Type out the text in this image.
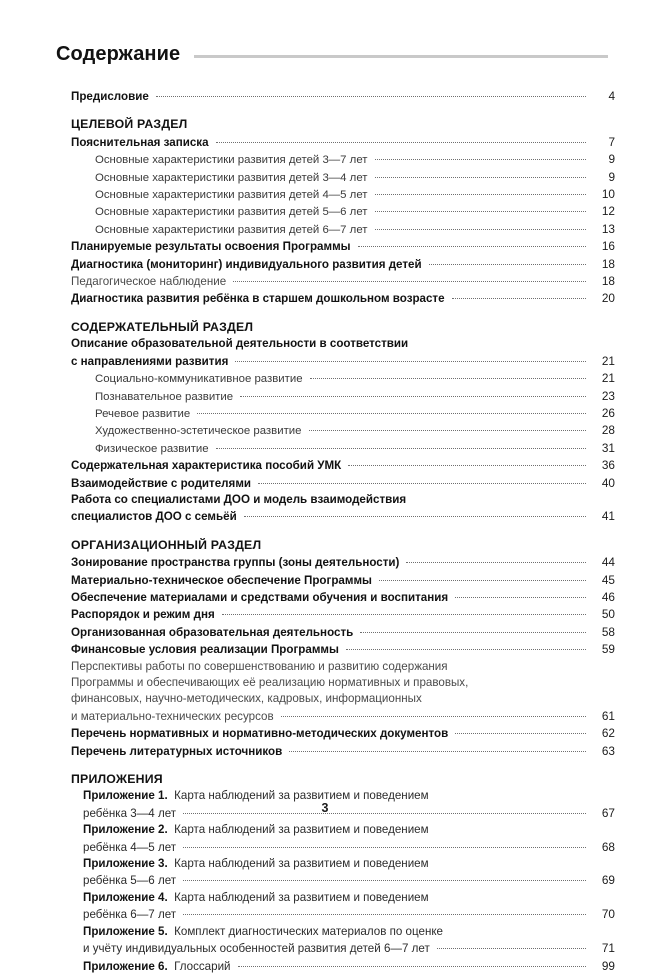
Содержание
Предисловие	4
ЦЕЛЕВОЙ РАЗДЕЛ
Пояснительная записка	7
Основные характеристики развития детей 3—7 лет	9
Основные характеристики развития детей 3—4 лет	9
Основные характеристики развития детей 4—5 лет	10
Основные характеристики развития детей 5—6 лет	12
Основные характеристики развития детей 6—7 лет	13
Планируемые результаты освоения Программы	16
Диагностика (мониторинг) индивидуального развития детей	18
Педагогическое наблюдение	18
Диагностика развития ребёнка в старшем дошкольном возрасте	20
СОДЕРЖАТЕЛЬНЫЙ РАЗДЕЛ
Описание образовательной деятельности в соответствии
с направлениями развития	21
Социально-коммуникативное развитие	21
Познавательное развитие	23
Речевое развитие	26
Художественно-эстетическое развитие	28
Физическое развитие	31
Содержательная характеристика пособий УМК	36
Взаимодействие с родителями	40
Работа со специалистами ДОО и модель взаимодействия
специалистов ДОО с семьёй	41
ОРГАНИЗАЦИОННЫЙ РАЗДЕЛ
Зонирование пространства группы (зоны деятельности)	44
Материально-техническое обеспечение Программы	45
Обеспечение материалами и средствами обучения и воспитания	46
Распорядок и режим дня	50
Организованная образовательная деятельность	58
Финансовые условия реализации Программы	59
Перспективы работы по совершенствованию и развитию содержания
Программы и обеспечивающих её реализацию нормативных и правовых,
финансовых, научно-методических, кадровых, информационных
и материально-технических ресурсов	61
Перечень нормативных и нормативно-методических документов	62
Перечень литературных источников	63
ПРИЛОЖЕНИЯ
Приложение 1.  Карта наблюдений за развитием и поведением
ребёнка 3—4 лет	67
Приложение 2.  Карта наблюдений за развитием и поведением
ребёнка 4—5 лет	68
Приложение 3.  Карта наблюдений за развитием и поведением
ребёнка 5—6 лет	69
Приложение 4.  Карта наблюдений за развитием и поведением
ребёнка 6—7 лет	70
Приложение 5.  Комплект диагностических материалов по оценке
и учёту индивидуальных особенностей развития детей 6—7 лет	71
Приложение 6.  Глоссарий	99
3
